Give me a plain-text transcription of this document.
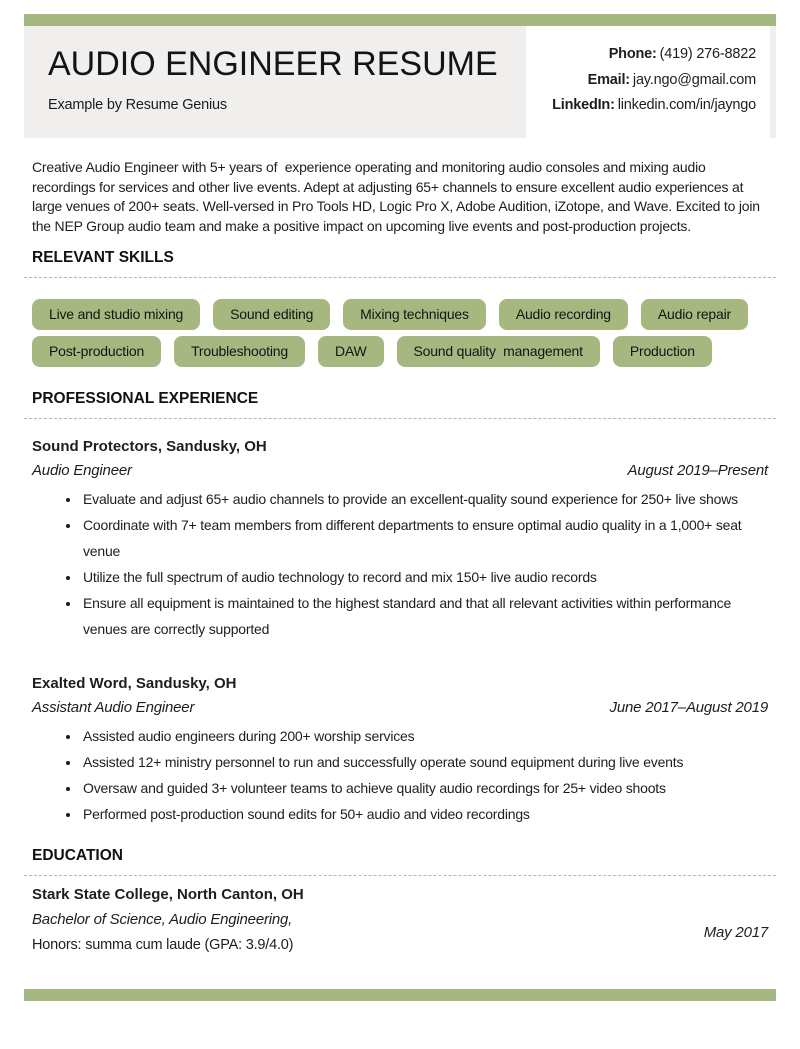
AUDIO ENGINEER RESUME
Example by Resume Genius
Phone: (419) 276-8822
Email: jay.ngo@gmail.com
LinkedIn: linkedin.com/in/jayngo

Creative Audio Engineer with 5+ years of  experience operating and monitoring audio consoles and mixing audio recordings for services and other live events. Adept at adjusting 65+ channels to ensure excellent audio experiences at large venues of 200+ seats. Well-versed in Pro Tools HD, Logic Pro X, Adobe Audition, iZotope, and Wave. Excited to join the NEP Group audio team and make a positive impact on upcoming live events and post-production projects.

RELEVANT SKILLS
Live and studio mixing	Sound editing	Mixing techniques	Audio recording	Audio repair
Post-production	Troubleshooting	DAW	Sound quality  management	Production
PROFESSIONAL EXPERIENCE
Sound Protectors, Sandusky, OH
Audio Engineer	August 2019–Present
• Evaluate and adjust 65+ audio channels to provide an excellent-quality sound experience for 250+ live shows
• Coordinate with 7+ team members from different departments to ensure optimal audio quality in a 1,000+ seat venue
• Utilize the full spectrum of audio technology to record and mix 150+ live audio records
• Ensure all equipment is maintained to the highest standard and that all relevant activities within performance venues are correctly supported
Exalted Word, Sandusky, OH
Assistant Audio Engineer	June 2017–August 2019
• Assisted audio engineers during 200+ worship services
• Assisted 12+ ministry personnel to run and successfully operate sound equipment during live events
• Oversaw and guided 3+ volunteer teams to achieve quality audio recordings for 25+ video shoots
• Performed post-production sound edits for 50+ audio and video recordings
EDUCATION
Stark State College, North Canton, OH
Bachelor of Science, Audio Engineering,
Honors: summa cum laude (GPA: 3.9/4.0)
May 2017
